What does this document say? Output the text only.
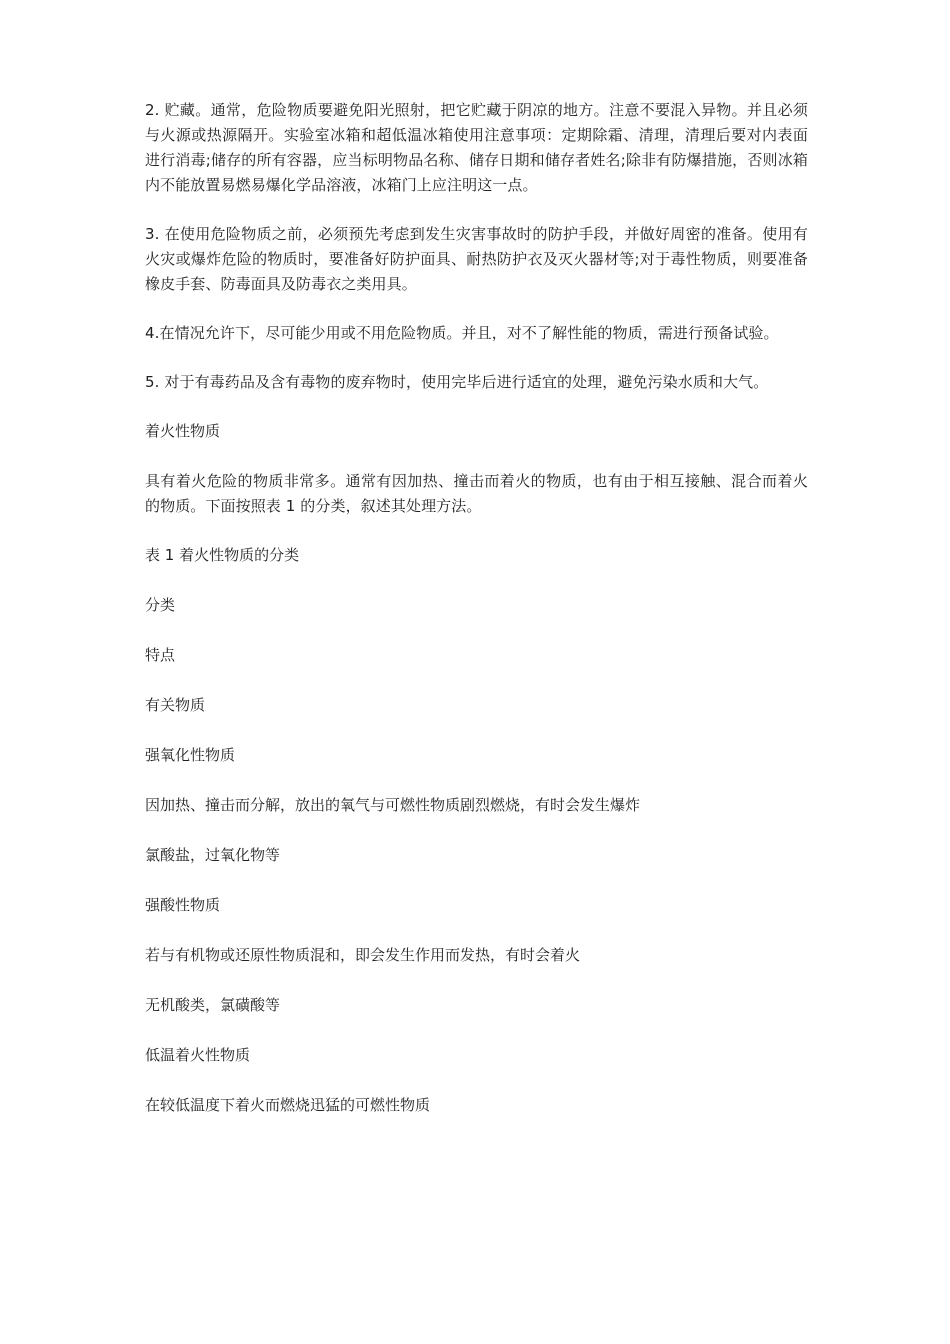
2. 贮藏。通常，危险物质要避免阳光照射，把它贮藏于阴凉的地方。注意不要混入异物。并且必须与火源或热源隔开。实验室冰箱和超低温冰箱使用注意事项：定期除霜、清理，清理后要对内表面进行消毒;储存的所有容器，应当标明物品名称、储存日期和储存者姓名;除非有防爆措施，否则冰箱内不能放置易燃易爆化学品溶液，冰箱门上应注明这一点。

3. 在使用危险物质之前，必须预先考虑到发生灾害事故时的防护手段，并做好周密的准备。使用有火灾或爆炸危险的物质时，要准备好防护面具、耐热防护衣及灭火器材等;对于毒性物质，则要准备橡皮手套、防毒面具及防毒衣之类用具。

4.在情况允许下，尽可能少用或不用危险物质。并且，对不了解性能的物质，需进行预备试验。

5. 对于有毒药品及含有毒物的废弃物时，使用完毕后进行适宜的处理，避免污染水质和大气。

着火性物质

具有着火危险的物质非常多。通常有因加热、撞击而着火的物质，也有由于相互接触、混合而着火的物质。下面按照表 1 的分类，叙述其处理方法。

表 1 着火性物质的分类

分类

特点

有关物质

强氧化性物质

因加热、撞击而分解，放出的氧气与可燃性物质剧烈燃烧，有时会发生爆炸

氯酸盐，过氧化物等

强酸性物质

若与有机物或还原性物质混和，即会发生作用而发热，有时会着火

无机酸类，氯磺酸等

低温着火性物质

在较低温度下着火而燃烧迅猛的可燃性物质
